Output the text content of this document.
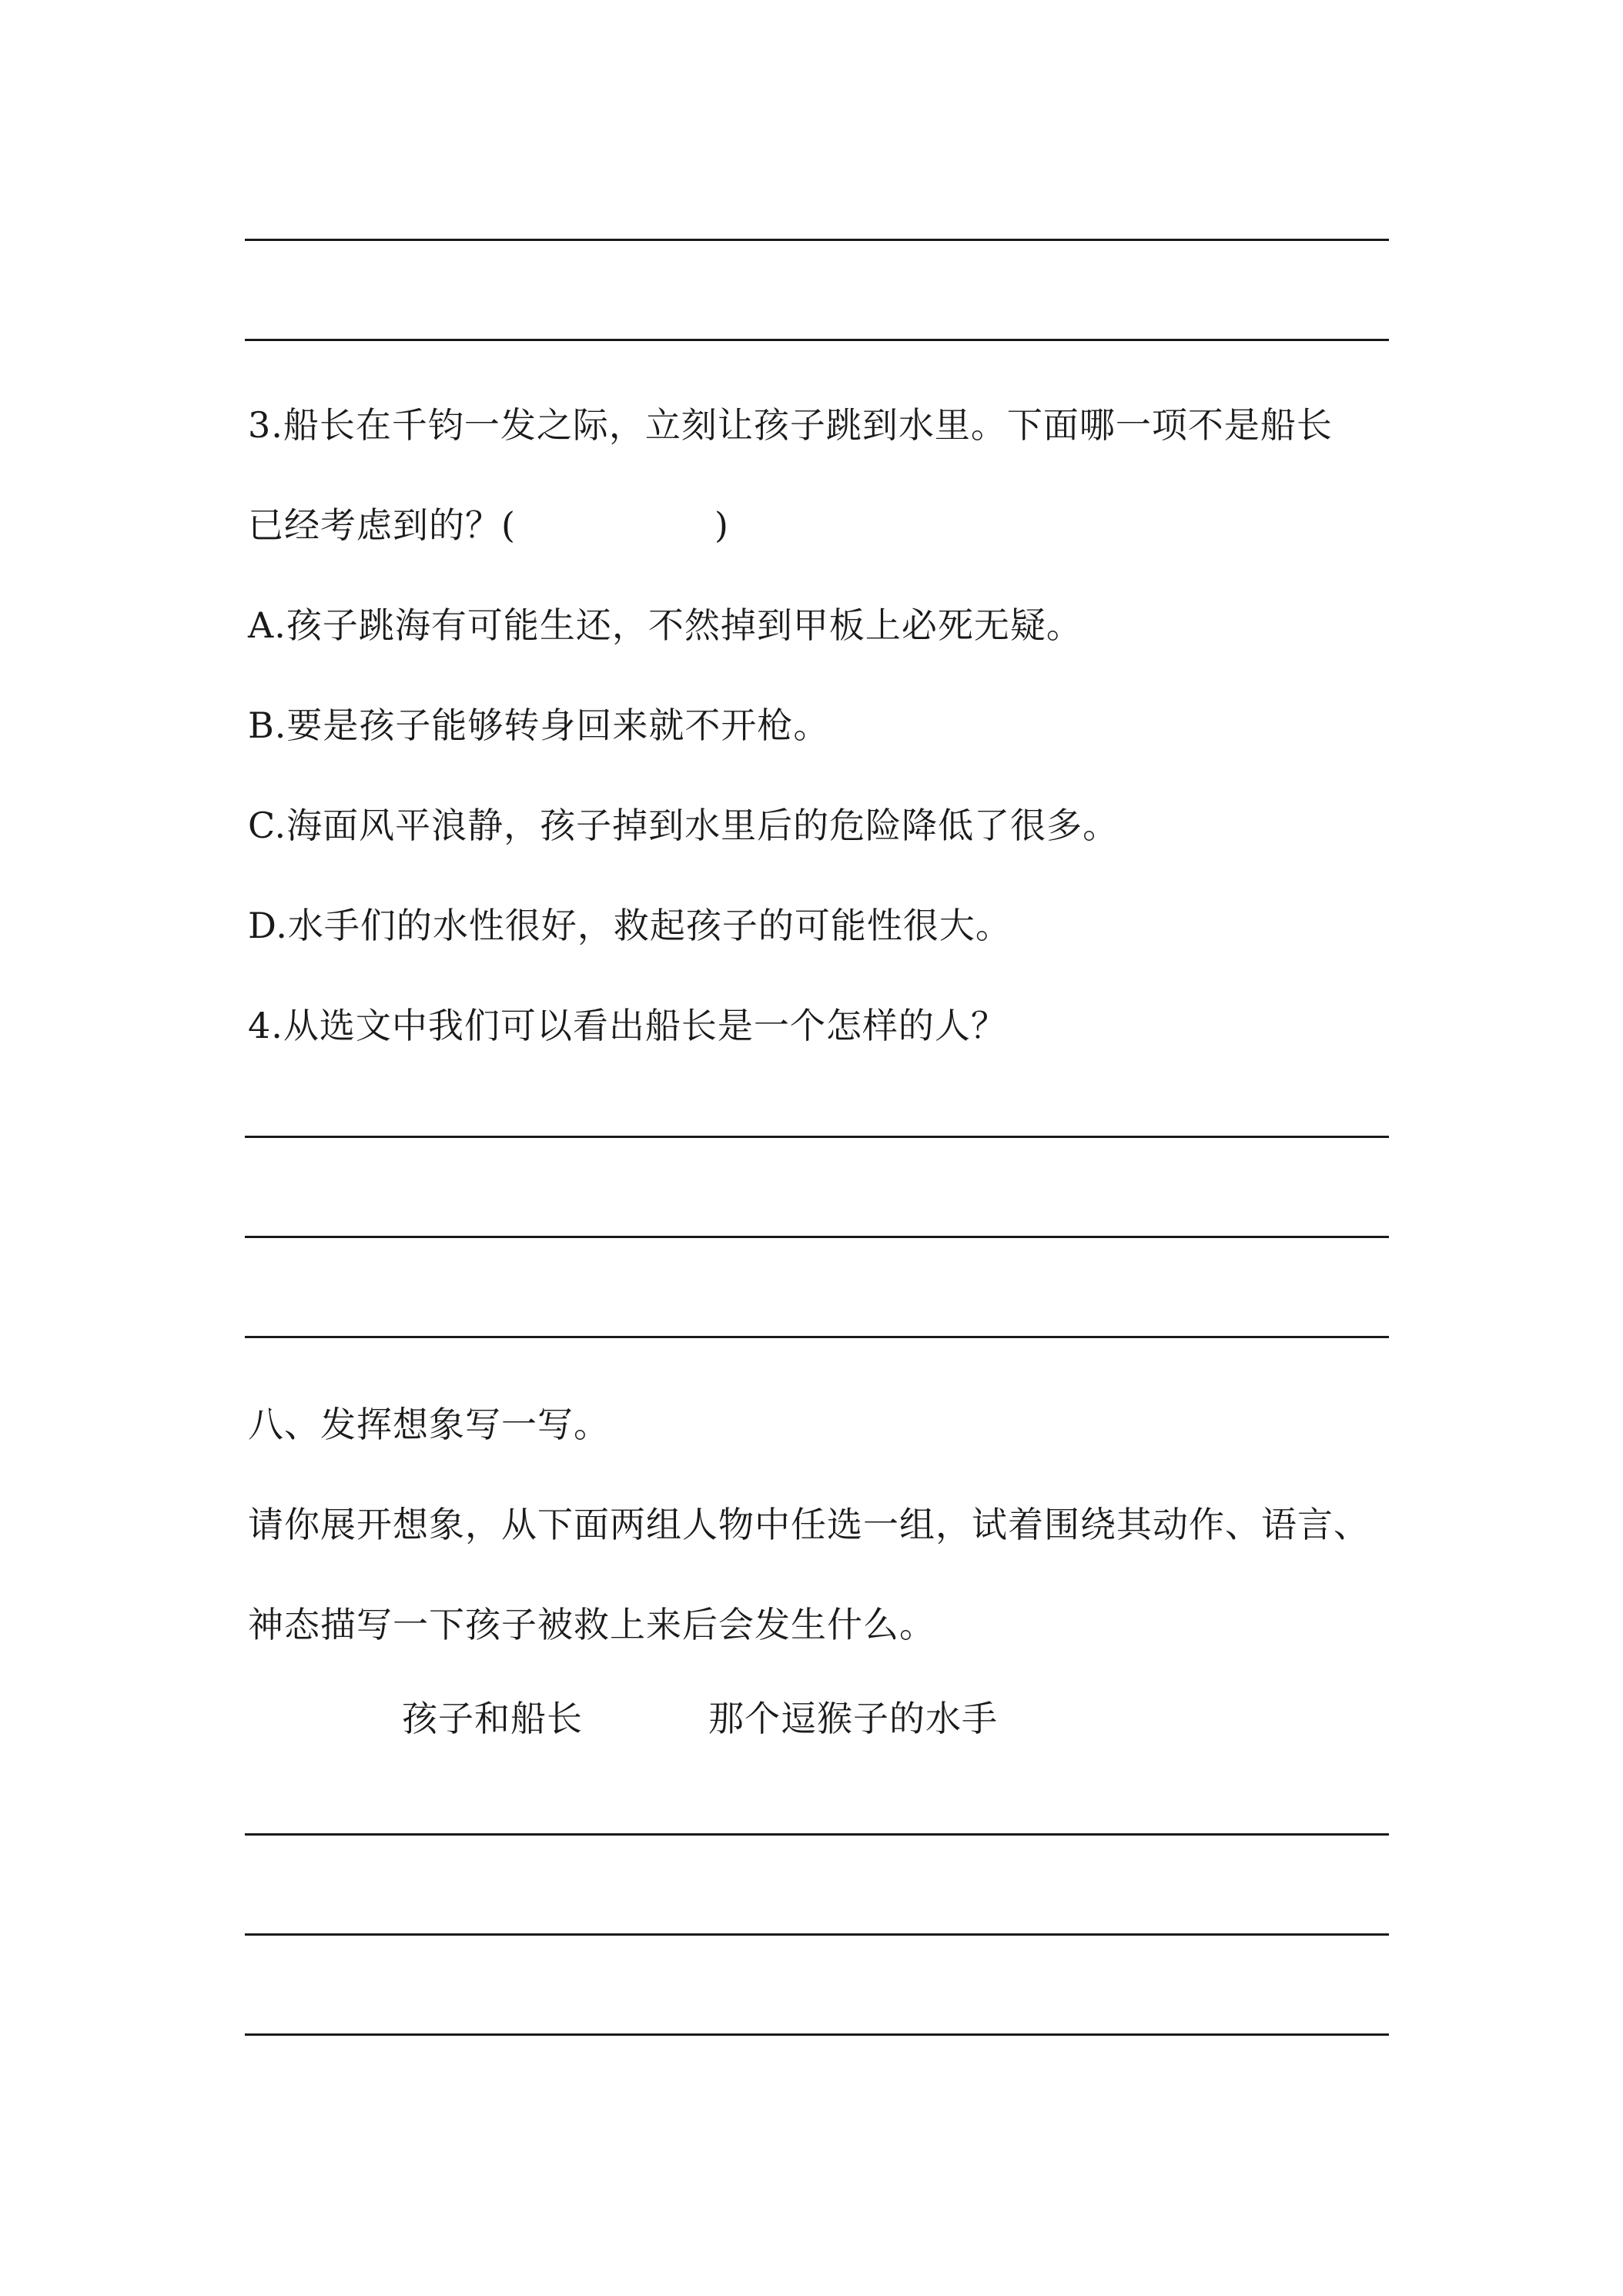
3.船长在千钧一发之际，立刻让孩子跳到水里。下面哪一项不是船长
已经考虑到的？(	)
A.孩子跳海有可能生还，不然掉到甲板上必死无疑。
B.要是孩子能够转身回来就不开枪。
C.海面风平浪静，孩子掉到水里后的危险降低了很多。
D.水手们的水性很好，救起孩子的可能性很大。
4.从选文中我们可以看出船长是一个怎样的人？
八、发挥想象写一写。
请你展开想象，从下面两组人物中任选一组，试着围绕其动作、语言、
神态描写一下孩子被救上来后会发生什么。
孩子和船长	那个逗猴子的水手
